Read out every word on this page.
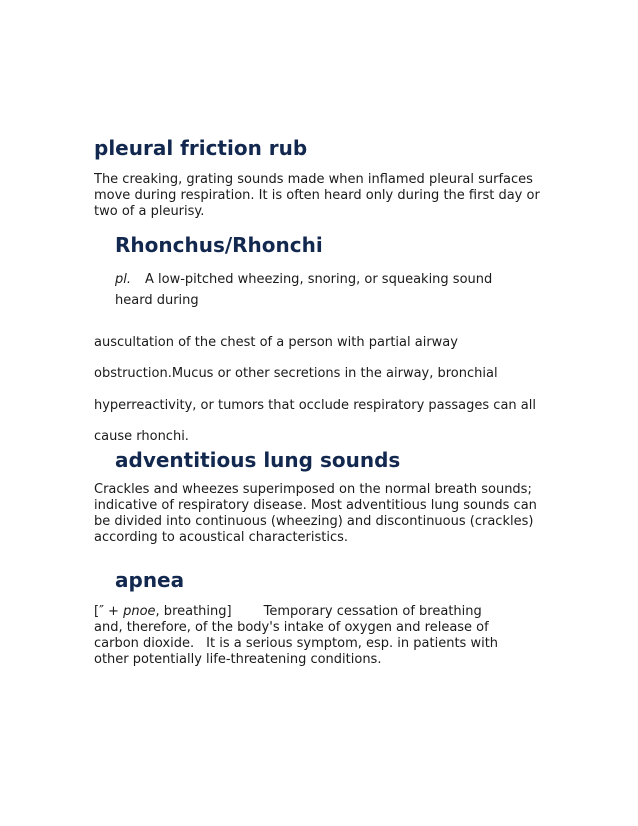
pleural friction rub

The creaking, grating sounds made when inflamed pleural surfaces move during respiration. It is often heard only during the first day or two of a pleurisy.

Rhonchus/Rhonchi

pl. A low-pitched wheezing, snoring, or squeaking sound

heard during

auscultation of the chest of a person with partial airway

obstruction.Mucus or other secretions in the airway, bronchial

hyperreactivity, or tumors that occlude respiratory passages can all

cause rhonchi.

adventitious lung sounds

Crackles and wheezes superimposed on the normal breath sounds; indicative of respiratory disease. Most adventitious lung sounds can be divided into continuous (wheezing) and discontinuous (crackles) according to acoustical characteristics.

apnea

[″ + pnoe, breathing] Temporary cessation of breathing and, therefore, of the body's intake of oxygen and release of carbon dioxide. It is a serious symptom, esp. in patients with other potentially life-threatening conditions.
